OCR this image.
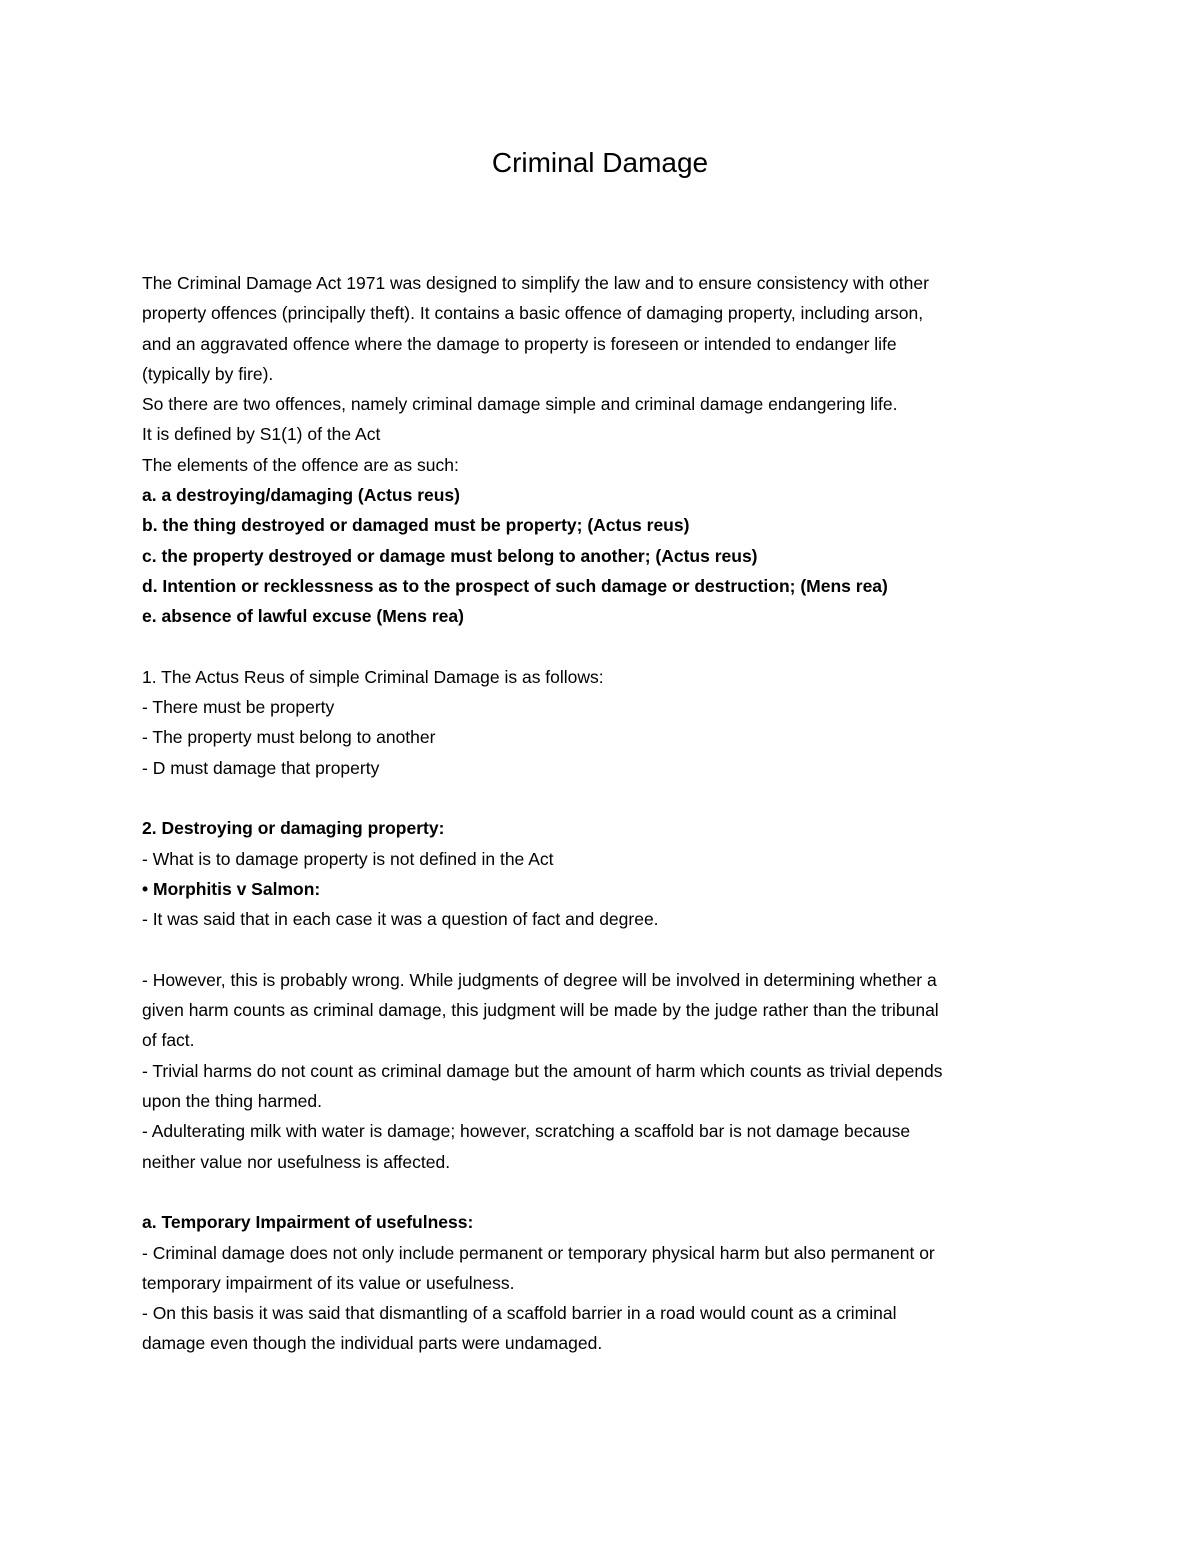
Criminal Damage
The Criminal Damage Act 1971 was designed to simplify the law and to ensure consistency with other
property offences (principally theft). It contains a basic offence of damaging property, including arson,
and an aggravated offence where the damage to property is foreseen or intended to endanger life
(typically by fire).
So there are two offences, namely criminal damage simple and criminal damage endangering life.
It is defined by S1(1) of the Act
The elements of the offence are as such:
a. a destroying/damaging (Actus reus)
b. the thing destroyed or damaged must be property; (Actus reus)
c. the property destroyed or damage must belong to another; (Actus reus)
d. Intention or recklessness as to the prospect of such damage or destruction; (Mens rea)
e. absence of lawful excuse (Mens rea)
1. The Actus Reus of simple Criminal Damage is as follows:
- There must be property
- The property must belong to another
- D must damage that property
2. Destroying or damaging property:
- What is to damage property is not defined in the Act
• Morphitis v Salmon:
- It was said that in each case it was a question of fact and degree.
- However, this is probably wrong. While judgments of degree will be involved in determining whether a
given harm counts as criminal damage, this judgment will be made by the judge rather than the tribunal
of fact.
- Trivial harms do not count as criminal damage but the amount of harm which counts as trivial depends
upon the thing harmed.
- Adulterating milk with water is damage; however, scratching a scaffold bar is not damage because
neither value nor usefulness is affected.
a. Temporary Impairment of usefulness:
- Criminal damage does not only include permanent or temporary physical harm but also permanent or
temporary impairment of its value or usefulness.
- On this basis it was said that dismantling of a scaffold barrier in a road would count as a criminal
damage even though the individual parts were undamaged.
